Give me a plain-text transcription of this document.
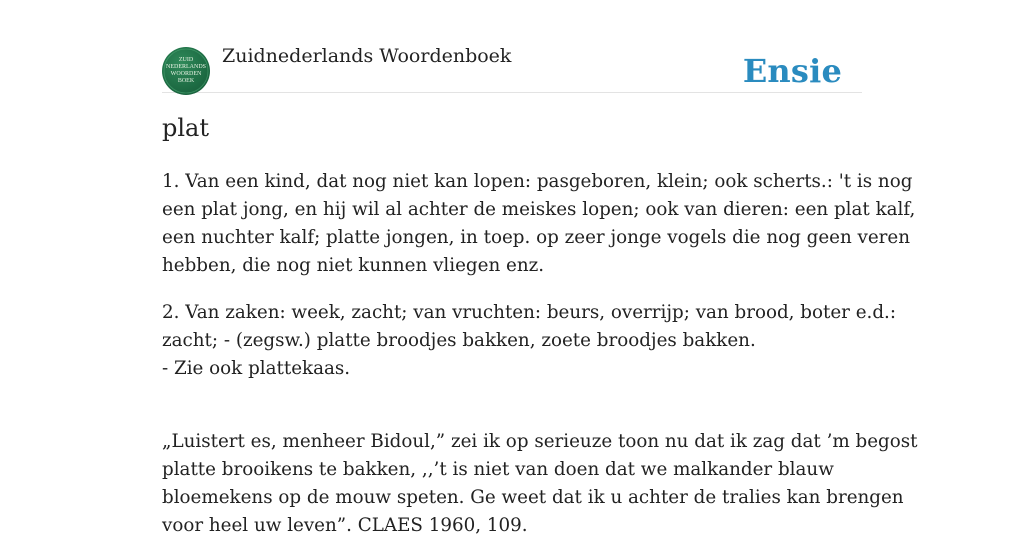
ZUID
NEDERLANDS
WOORDEN
BOEK
Zuidnederlands Woordenboek	Ensie
plat

1. Van een kind, dat nog niet kan lopen: pasgeboren, klein; ook scherts.: 't is nog
een plat jong, en hij wil al achter de meiskes lopen; ook van dieren: een plat kalf,
een nuchter kalf; platte jongen, in toep. op zeer jonge vogels die nog geen veren
hebben, die nog niet kunnen vliegen enz.

2. Van zaken: week, zacht; van vruchten: beurs, overrijp; van brood, boter e.d.:
zacht; - (zegsw.) platte broodjes bakken, zoete broodjes bakken.
- Zie ook plattekaas.

„Luistert es, menheer Bidoul,” zei ik op serieuze toon nu dat ik zag dat ’m begost
platte brooikens te bakken, ,,’t is niet van doen dat we malkander blauw
bloemekens op de mouw speten. Ge weet dat ik u achter de tralies kan brengen
voor heel uw leven”. CLAES 1960, 109.
